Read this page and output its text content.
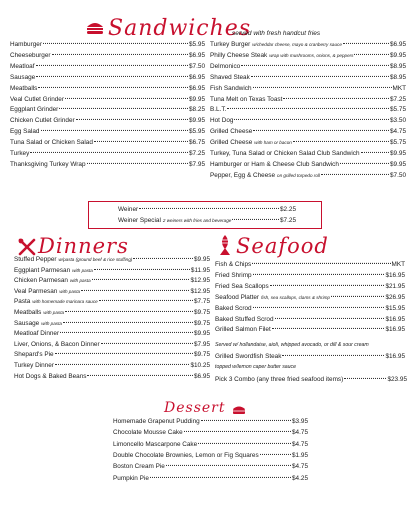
Sandwiches
served with fresh handcut fries
Hamburger	$5.95
Cheeseburger	$6.95
Meatloaf	$7.50
Sausage	$6.95
Meatballs	$6.95
Veal Cutlet Grinder	$9.95
Eggplant Grinder	$8.25
Chicken Cutlet Grinder	$9.95
Egg Salad	$5.95
Tuna Salad or Chicken Salad	$6.75
Turkey	$7.25
Thanksgiving Turkey Wrap	$7.95
Turkey Burger w/cheddar cheese, mayo & cranberry sauce	$6.95
Philly Cheese Steak wrap with mushrooms, onions, & peppers	$9.95
Delmonico	$8.95
Shaved Steak	$8.95
Fish Sandwich	MKT
Tuna Melt on Texas Toast	$7.25
B.L.T.	$5.75
Hot Dog	$3.50
Grilled Cheese	$4.75
Grilled Cheese with ham or bacon	$5.75
Turkey, Tuna Salad or Chicken Salad Club Sandwich	$9.95
Hamburger or Ham & Cheese Club Sandwich	$9.95
Pepper, Egg & Cheese on grilled torpedo roll	$7.50
Weiner	$2.25
Weiner Special 2 weiners with fries and beverage	$7.25
Dinners
Stuffed Pepper w/pasta (ground beef & rice stuffing)	$9.95
Eggplant Parmesan with pasta	$11.95
Chicken Parmesan with pasta	$12.95
Veal Parmesan with pasta	$12.95
Pasta with homemade marinara sauce	$7.75
Meatballs with pasta	$9.75
Sausage with pasta	$9.75
Meatloaf Dinner	$9.95
Liver, Onions, & Bacon Dinner	$7.95
Shepard's Pie	$9.75
Turkey Dinner	$10.25
Hot Dogs & Baked Beans	$6.95
Seafood
Fish & Chips	MKT
Fried Shrimp	$16.95
Fried Sea Scallops	$21.95
Seafood Platter fish, sea scallops, clams & shrimp	$26.95
Baked Scrod	$15.95
Baked Stuffed Scrod	$16.95
Grilled Salmon Filet	$16.95
Grilled Swordfish Steak	$16.95
Pick 3 Combo (any three fried seafood items)	$23.95
Served w/ hollandaise, aioli, whipped avocado, or dill & sour cream
topped w/lemon caper butter sauce
Dessert
Homemade Grapenut Pudding	$3.95
Chocolate Mousse Cake	$4.75
Limoncello Mascarpone Cake	$4.75
Double Chocolate Brownies, Lemon or Fig Squares	$1.95
Boston Cream Pie	$4.75
Pumpkin Pie	$4.25
